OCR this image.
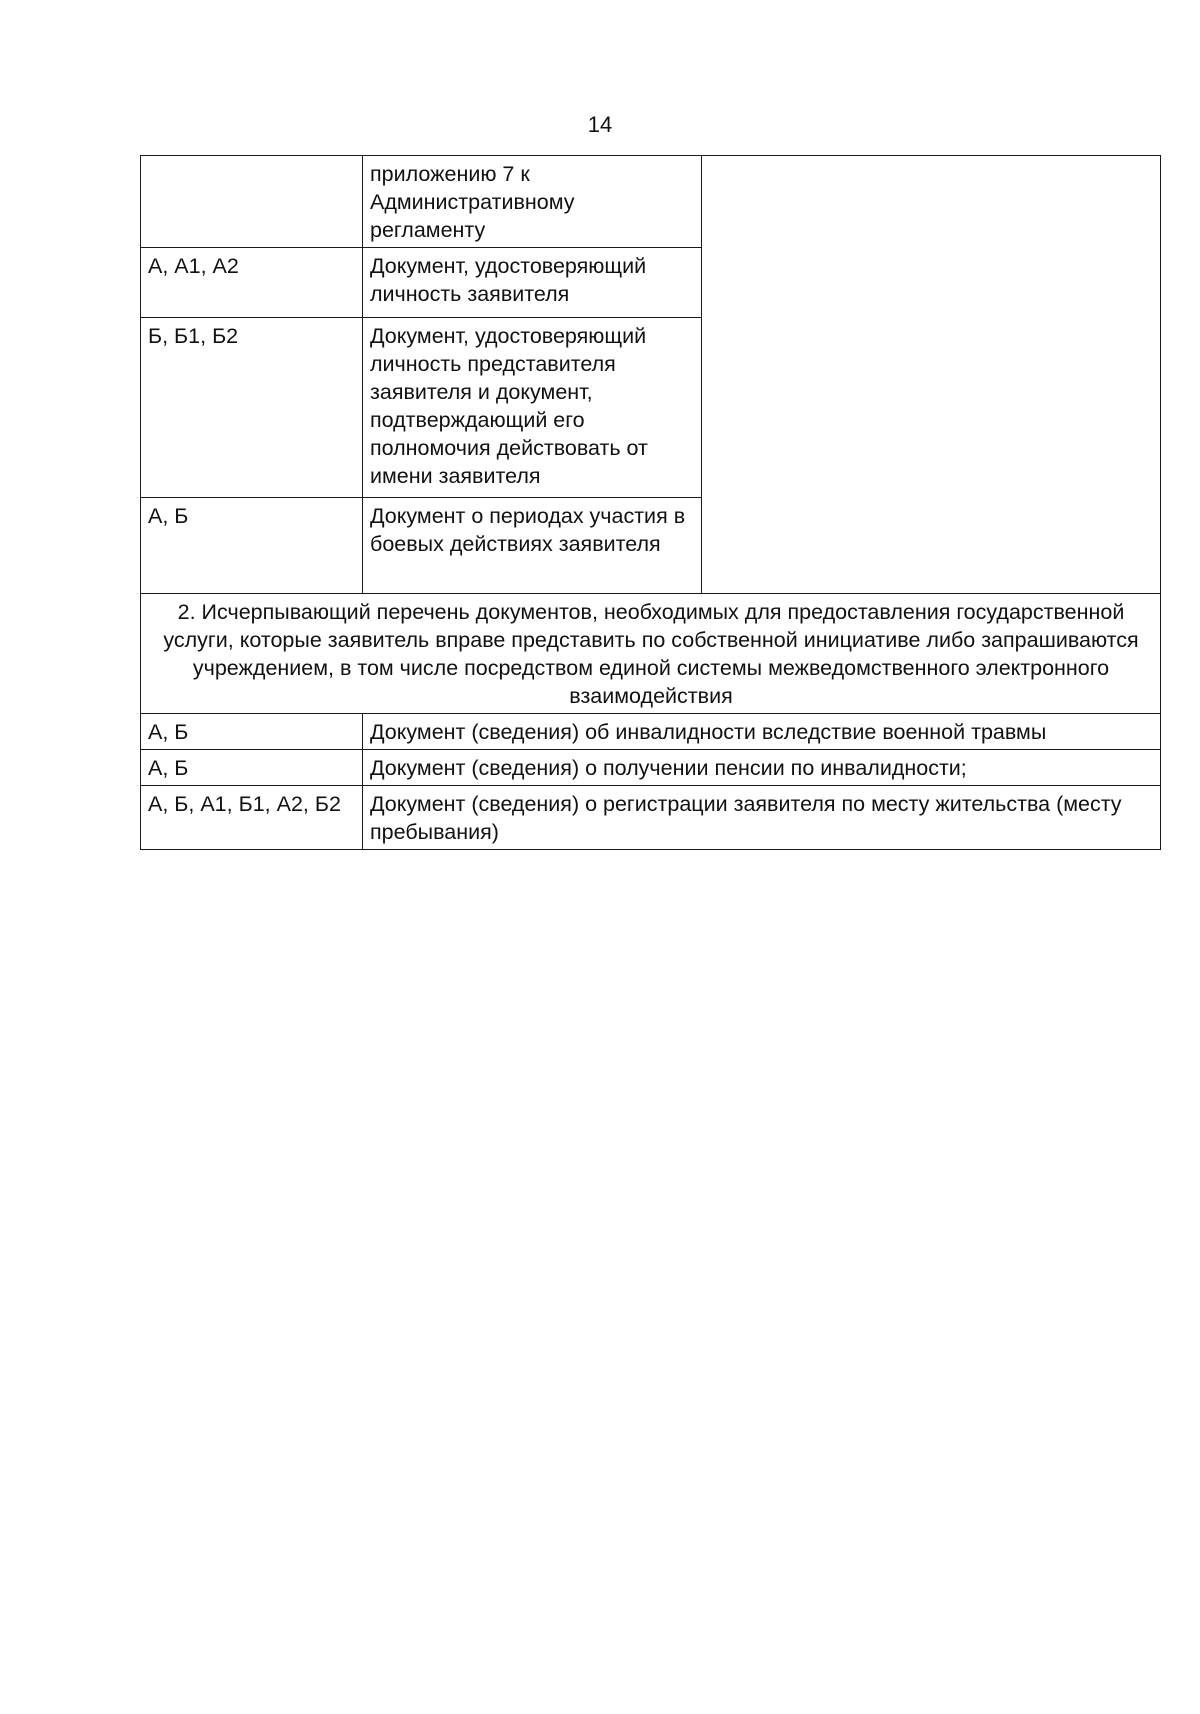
14
	приложению 7 к Административному регламенту	
А, А1, А2	Документ, удостоверяющий личность заявителя	
Б, Б1, Б2	Документ, удостоверяющий личность представителя заявителя и документ, подтверждающий его полномочия действовать от имени заявителя	
А, Б	Документ о периодах участия в боевых действиях заявителя	
2. Исчерпывающий перечень документов, необходимых для предоставления государственной услуги, которые заявитель вправе представить по собственной инициативе либо запрашиваются учреждением, в том числе посредством единой системы межведомственного электронного взаимодействия		
А, Б	Документ (сведения) об инвалидности вследствие военной травмы	
А, Б	Документ (сведения) о получении пенсии по инвалидности;	
А, Б, А1, Б1, А2, Б2	Документ (сведения) о регистрации заявителя по месту жительства (месту пребывания)	
